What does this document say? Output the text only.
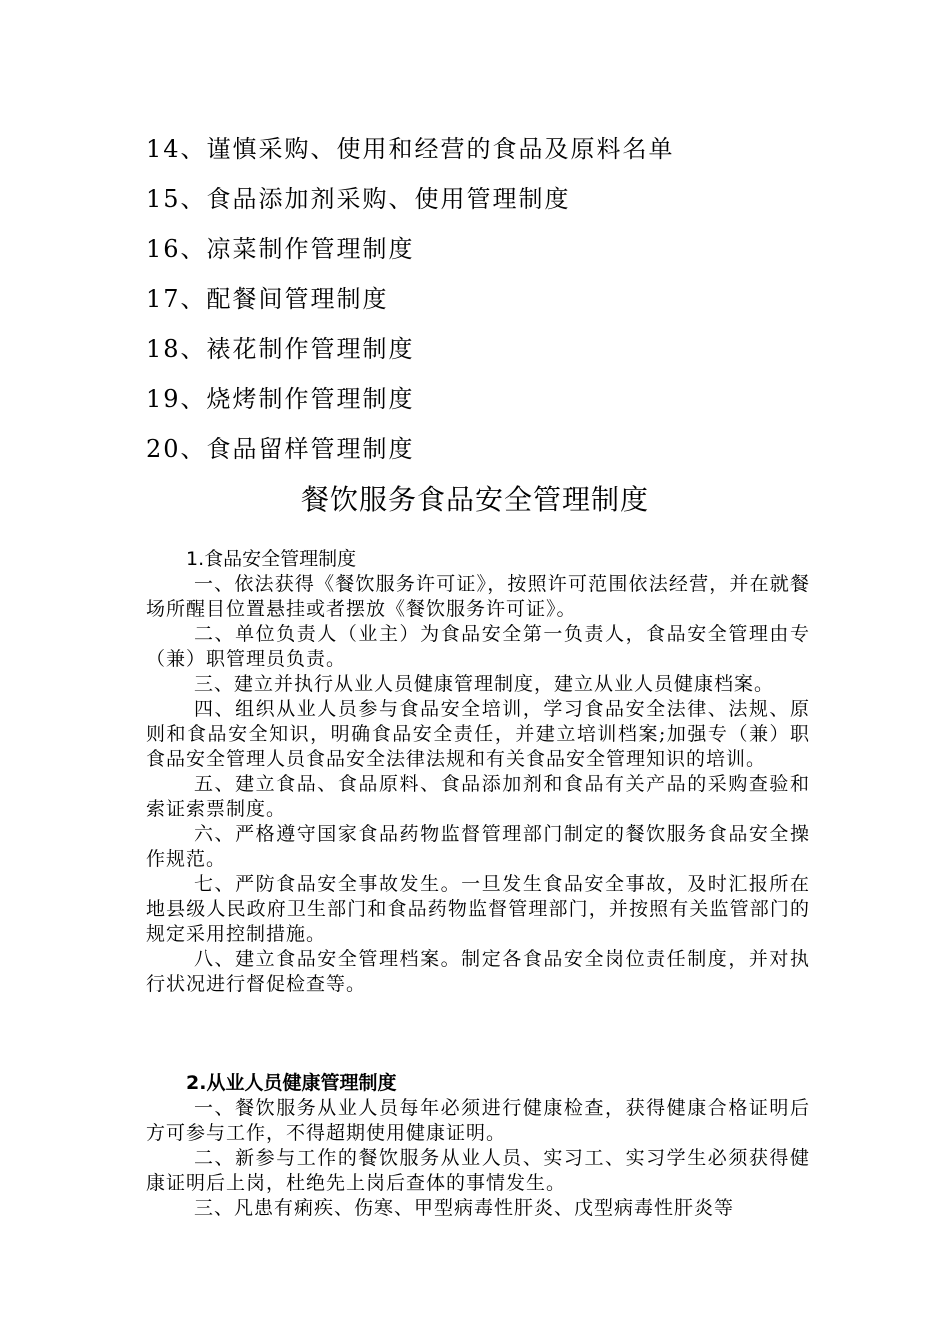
14、谨慎采购、使用和经营的食品及原料名单
15、食品添加剂采购、使用管理制度
16、凉菜制作管理制度
17、配餐间管理制度
18、裱花制作管理制度
19、烧烤制作管理制度
20、食品留样管理制度
餐饮服务食品安全管理制度
1.食品安全管理制度

一、依法获得《餐饮服务许可证》，按照许可范围依法经营，并在就餐场所醒目位置悬挂或者摆放《餐饮服务许可证》。

二、单位负责人（业主）为食品安全第一负责人，食品安全管理由专（兼）职管理员负责。

三、建立并执行从业人员健康管理制度，建立从业人员健康档案。

四、组织从业人员参与食品安全培训，学习食品安全法律、法规、原则和食品安全知识，明确食品安全责任，并建立培训档案;加强专（兼）职食品安全管理人员食品安全法律法规和有关食品安全管理知识的培训。

五、建立食品、食品原料、食品添加剂和食品有关产品的采购查验和索证索票制度。

六、严格遵守国家食品药物监督管理部门制定的餐饮服务食品安全操作规范。

七、严防食品安全事故发生。一旦发生食品安全事故，及时汇报所在地县级人民政府卫生部门和食品药物监督管理部门，并按照有关监管部门的规定采用控制措施。

八、建立食品安全管理档案。制定各食品安全岗位责任制度，并对执行状况进行督促检查等。

2.从业人员健康管理制度

一、餐饮服务从业人员每年必须进行健康检查，获得健康合格证明后方可参与工作，不得超期使用健康证明。

二、新参与工作的餐饮服务从业人员、实习工、实习学生必须获得健康证明后上岗，杜绝先上岗后查体的事情发生。

三、凡患有痢疾、伤寒、甲型病毒性肝炎、戊型病毒性肝炎等
